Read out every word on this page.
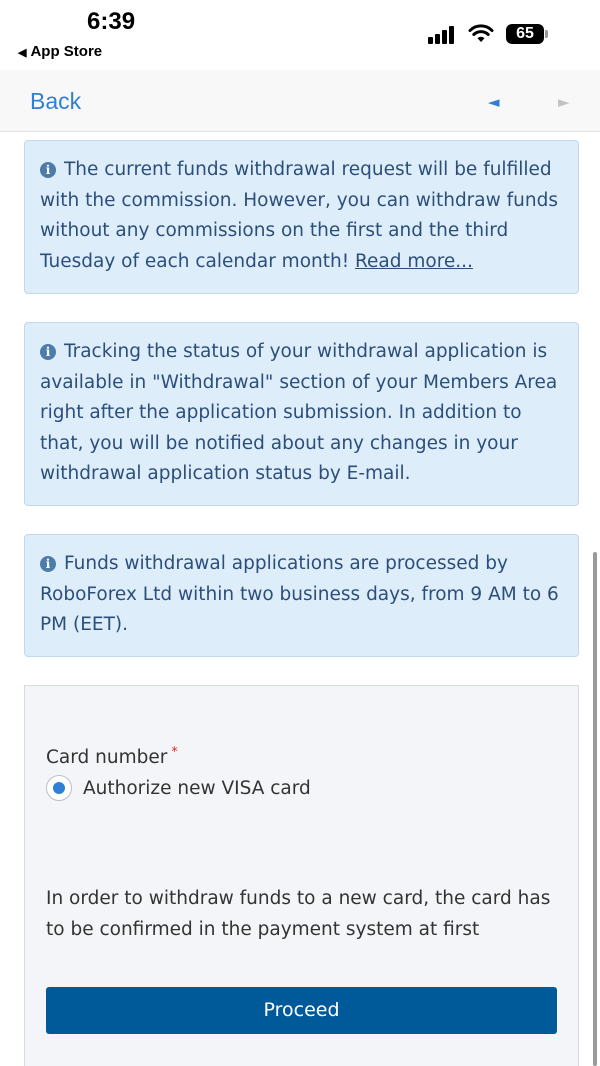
6:39
◀ App Store
65
Back	◄	►
i The current funds withdrawal request will be fulfilled with the commission. However, you can withdraw funds without any commissions on the first and the third Tuesday of each calendar month! Read more...
i Tracking the status of your withdrawal application is available in "Withdrawal" section of your Members Area right after the application submission. In addition to that, you will be notified about any changes in your withdrawal application status by E-mail.
i Funds withdrawal applications are processed by RoboForex Ltd within two business days, from 9 AM to 6 PM (EET).
Card number *
Authorize new VISA card
In order to withdraw funds to a new card, the card has to be confirmed in the payment system at first
Proceed
